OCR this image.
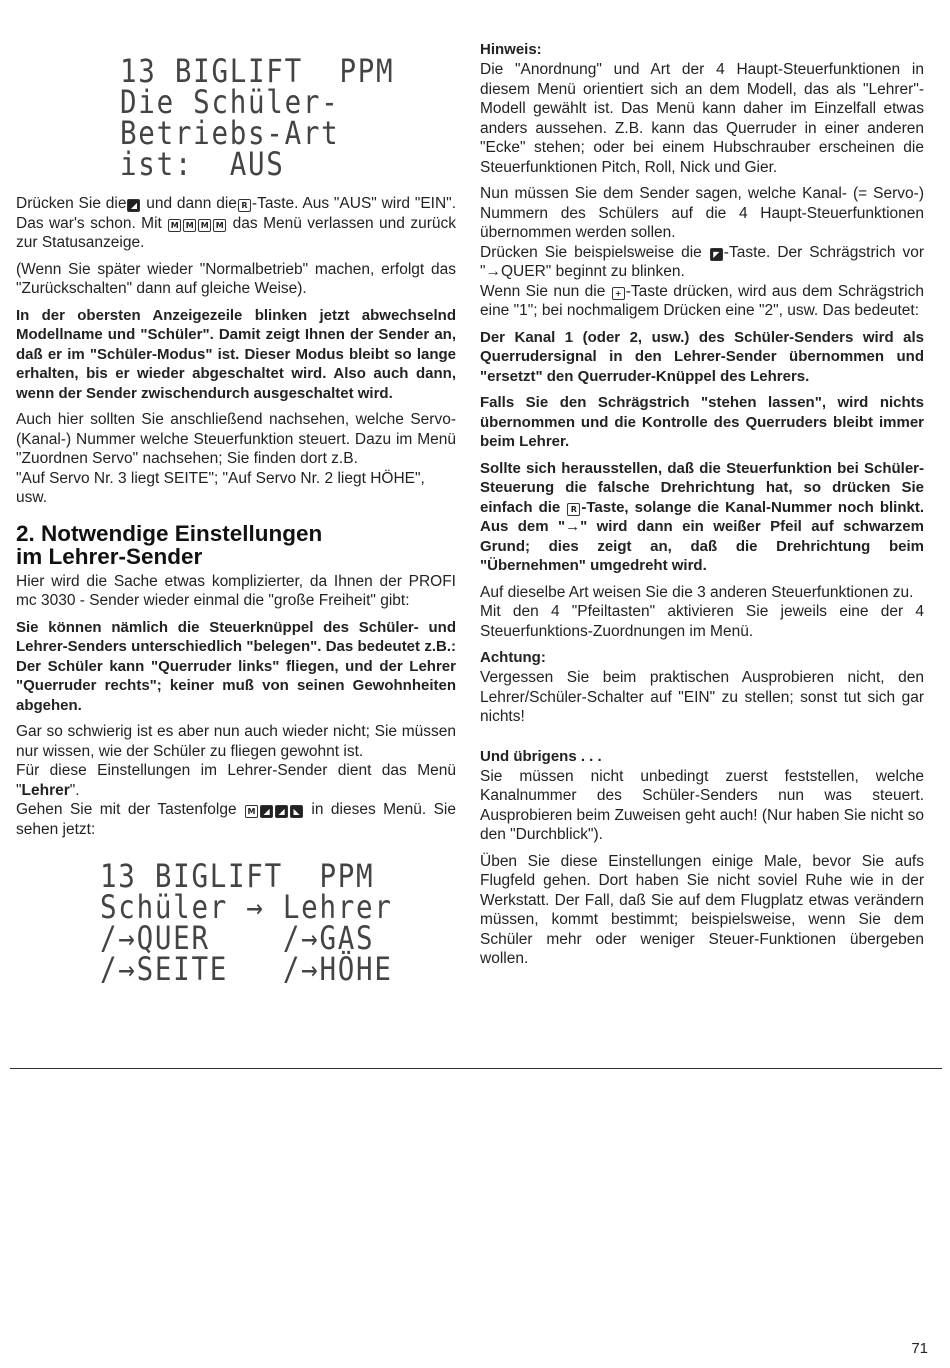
13 BIGLIFT  PPM
Die Schüler-
Betriebs-Art
ist:  AUS

Drücken Sie die ◢ und dann die R -Taste. Aus "AUS" wird "EIN". Das war's schon. Mit M M M M das Menü verlassen und zurück zur Statusanzeige.

(Wenn Sie später wieder "Normalbetrieb" machen, erfolgt das "Zurückschalten" dann auf gleiche Weise).

In der obersten Anzeigezeile blinken jetzt abwechselnd Modellname und "Schüler". Damit zeigt Ihnen der Sender an, daß er im "Schüler-Modus" ist. Dieser Modus bleibt so lange erhalten, bis er wieder abgeschaltet wird. Also auch dann, wenn der Sender zwischendurch ausgeschaltet wird.

Auch hier sollten Sie anschließend nachsehen, welche Servo- (Kanal-) Nummer welche Steuerfunktion steuert. Dazu im Menü "Zuordnen Servo" nachsehen; Sie finden dort z.B.

"Auf Servo Nr. 3 liegt SEITE"; "Auf Servo Nr. 2 liegt HÖHE", usw.

2. Notwendige Einstellungen
im Lehrer-Sender

Hier wird die Sache etwas komplizierter, da Ihnen der PROFI mc 3030 - Sender wieder einmal die "große Freiheit" gibt:

Sie können nämlich die Steuerknüppel des Schüler- und Lehrer-Senders unterschiedlich "belegen". Das bedeutet z.B.: Der Schüler kann "Querruder links" fliegen, und der Lehrer "Querruder rechts"; keiner muß von seinen Gewohnheiten abgehen.

Gar so schwierig ist es aber nun auch wieder nicht; Sie müssen nur wissen, wie der Schüler zu fliegen gewohnt ist.

Für diese Einstellungen im Lehrer-Sender dient das Menü "Lehrer".

Gehen Sie mit der Tastenfolge M ◢ ◢ ◣ in dieses Menü. Sie sehen jetzt:

13 BIGLIFT  PPM
Schüler → Lehrer
/→QUER    /→GAS
/→SEITE   /→HÖHE
Hinweis:

Die "Anordnung" und Art der 4 Haupt-Steuerfunktionen in diesem Menü orientiert sich an dem Modell, das als "Lehrer"-Modell gewählt ist. Das Menü kann daher im Einzelfall etwas anders aussehen. Z.B. kann das Querruder in einer anderen "Ecke" stehen; oder bei einem Hubschrauber erscheinen die Steuerfunktionen Pitch, Roll, Nick und Gier.

Nun müssen Sie dem Sender sagen, welche Kanal- (= Servo-) Nummern des Schülers auf die 4 Haupt-Steuerfunktionen übernommen werden sollen.

Drücken Sie beispielsweise die ◤ -Taste. Der Schrägstrich vor "→QUER" beginnt zu blinken.

Wenn Sie nun die + -Taste drücken, wird aus dem Schrägstrich eine "1"; bei nochmaligem Drücken eine "2", usw. Das bedeutet:

Der Kanal 1 (oder 2, usw.) des Schüler-Senders wird als Querrudersignal in den Lehrer-Sender übernommen und "ersetzt" den Querruder-Knüppel des Lehrers.

Falls Sie den Schrägstrich "stehen lassen", wird nichts übernommen und die Kontrolle des Querruders bleibt immer beim Lehrer.

Sollte sich herausstellen, daß die Steuerfunktion bei Schüler-Steuerung die falsche Drehrichtung hat, so drücken Sie einfach die R -Taste, solange die Kanal-Nummer noch blinkt. Aus dem "→" wird dann ein weißer Pfeil auf schwarzem Grund; dies zeigt an, daß die Drehrichtung beim "Übernehmen" umgedreht wird.

Auf dieselbe Art weisen Sie die 3 anderen Steuerfunktionen zu.

Mit den 4 "Pfeiltasten" aktivieren Sie jeweils eine der 4 Steuerfunktions-Zuordnungen im Menü.

Achtung:

Vergessen Sie beim praktischen Ausprobieren nicht, den Lehrer/Schüler-Schalter auf "EIN" zu stellen; sonst tut sich gar nichts!

Und übrigens . . .

Sie müssen nicht unbedingt zuerst feststellen, welche Kanalnummer des Schüler-Senders nun was steuert. Ausprobieren beim Zuweisen geht auch! (Nur haben Sie nicht so den "Durchblick").

Üben Sie diese Einstellungen einige Male, bevor Sie aufs Flugfeld gehen. Dort haben Sie nicht soviel Ruhe wie in der Werkstatt. Der Fall, daß Sie auf dem Flugplatz etwas verändern müssen, kommt bestimmt; beispielsweise, wenn Sie dem Schüler mehr oder weniger Steuer-Funktionen übergeben wollen.

71
